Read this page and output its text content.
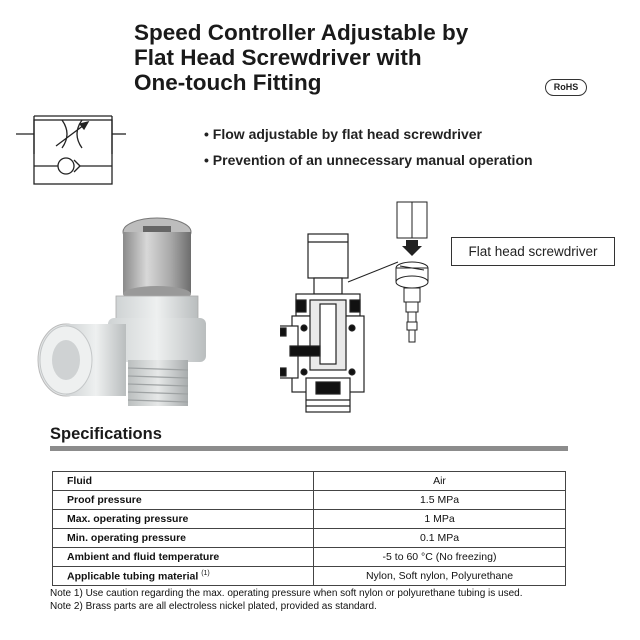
Speed Controller Adjustable by
Flat Head Screwdriver with
One-touch Fitting	RoHS
• Flow adjustable by flat head screwdriver
• Prevention of an unnecessary manual operation
Flat head screwdriver
Specifications
Fluid	Air
Proof pressure	1.5 MPa
Max. operating pressure	1 MPa
Min. operating pressure	0.1 MPa
Ambient and fluid temperature	-5 to 60 °C (No freezing)
Applicable tubing material $^{(1)}$	Nylon, Soft nylon, Polyurethane
Note 1) Use caution regarding the max. operating pressure when soft nylon or polyurethane tubing is used.
Note 2) Brass parts are all electroless nickel plated, provided as standard.
